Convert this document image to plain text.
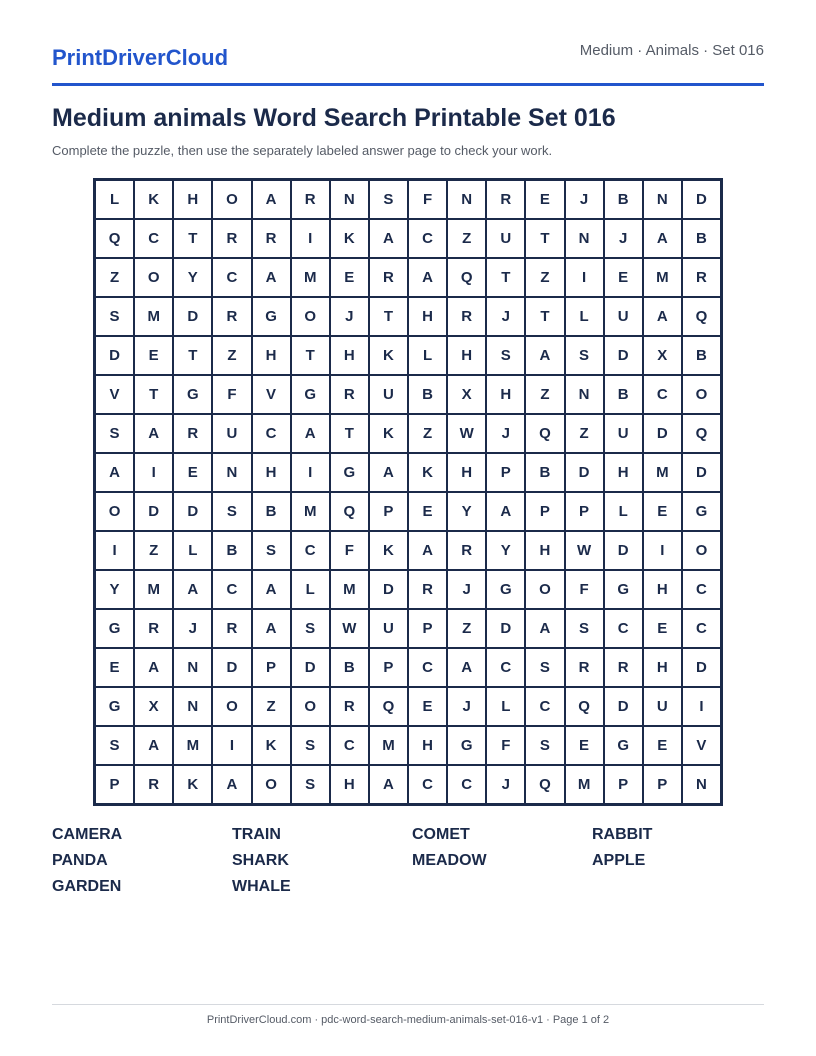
PrintDriverCloud	Medium · Animals · Set 016
Medium animals Word Search Printable Set 016
Complete the puzzle, then use the separately labeled answer page to check your work.
L	K	H	O	A	R	N	S	F	N	R	E	J	B	N	D
Q	C	T	R	R	I	K	A	C	Z	U	T	N	J	A	B
Z	O	Y	C	A	M	E	R	A	Q	T	Z	I	E	M	R
S	M	D	R	G	O	J	T	H	R	J	T	L	U	A	Q
D	E	T	Z	H	T	H	K	L	H	S	A	S	D	X	B
V	T	G	F	V	G	R	U	B	X	H	Z	N	B	C	O
S	A	R	U	C	A	T	K	Z	W	J	Q	Z	U	D	Q
A	I	E	N	H	I	G	A	K	H	P	B	D	H	M	D
O	D	D	S	B	M	Q	P	E	Y	A	P	P	L	E	G
I	Z	L	B	S	C	F	K	A	R	Y	H	W	D	I	O
Y	M	A	C	A	L	M	D	R	J	G	O	F	G	H	C
G	R	J	R	A	S	W	U	P	Z	D	A	S	C	E	C
E	A	N	D	P	D	B	P	C	A	C	S	R	R	H	D
G	X	N	O	Z	O	R	Q	E	J	L	C	Q	D	U	I
S	A	M	I	K	S	C	M	H	G	F	S	E	G	E	V
P	R	K	A	O	S	H	A	C	C	J	Q	M	P	P	N
CAMERA	TRAIN	COMET	RABBIT
PANDA	SHARK	MEADOW	APPLE
GARDEN	WHALE
PrintDriverCloud.com · pdc-word-search-medium-animals-set-016-v1 · Page 1 of 2
